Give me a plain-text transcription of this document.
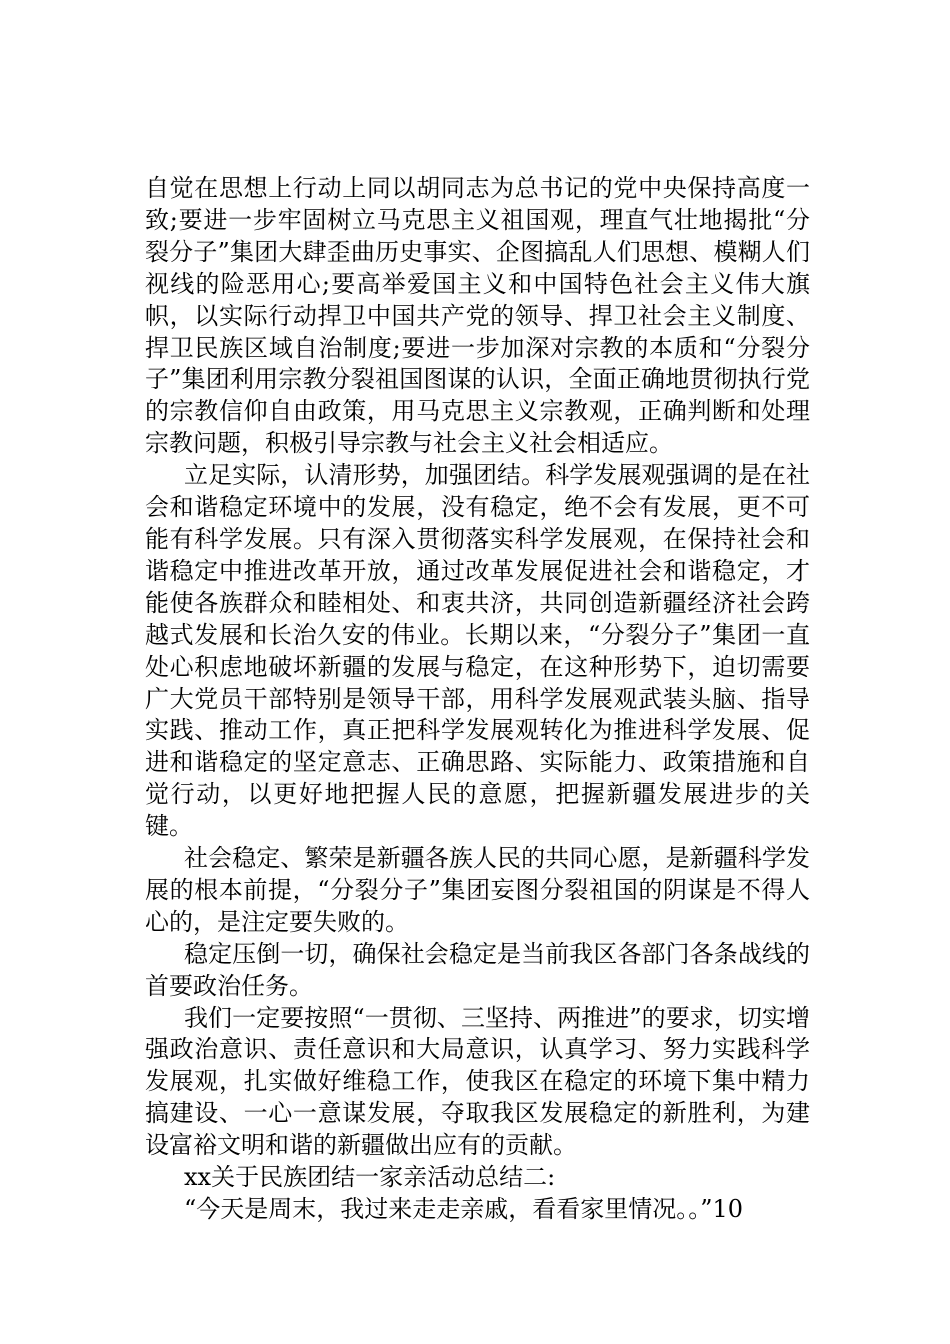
自觉在思想上行动上同以胡同志为总书记的党中央保持高度一致;要进一步牢固树立马克思主义祖国观，理直气壮地揭批“分裂分子”集团大肆歪曲历史事实、企图搞乱人们思想、模糊人们视线的险恶用心;要高举爱国主义和中国特色社会主义伟大旗帜，以实际行动捍卫中国共产党的领导、捍卫社会主义制度、捍卫民族区域自治制度;要进一步加深对宗教的本质和“分裂分子”集团利用宗教分裂祖国图谋的认识，全面正确地贯彻执行党的宗教信仰自由政策，用马克思主义宗教观，正确判断和处理宗教问题，积极引导宗教与社会主义社会相适应。

立足实际，认清形势，加强团结。科学发展观强调的是在社会和谐稳定环境中的发展，没有稳定，绝不会有发展，更不可能有科学发展。只有深入贯彻落实科学发展观，在保持社会和谐稳定中推进改革开放，通过改革发展促进社会和谐稳定，才能使各族群众和睦相处、和衷共济，共同创造新疆经济社会跨越式发展和长治久安的伟业。长期以来，“分裂分子”集团一直处心积虑地破坏新疆的发展与稳定，在这种形势下，迫切需要广大党员干部特别是领导干部，用科学发展观武装头脑、指导实践、推动工作，真正把科学发展观转化为推进科学发展、促进和谐稳定的坚定意志、正确思路、实际能力、政策措施和自觉行动，以更好地把握人民的意愿，把握新疆发展进步的关键。

社会稳定、繁荣是新疆各族人民的共同心愿，是新疆科学发展的根本前提，“分裂分子”集团妄图分裂祖国的阴谋是不得人心的，是注定要失败的。

稳定压倒一切，确保社会稳定是当前我区各部门各条战线的首要政治任务。

我们一定要按照“一贯彻、三坚持、两推进”的要求，切实增强政治意识、责任意识和大局意识，认真学习、努力实践科学发展观，扎实做好维稳工作，使我区在稳定的环境下集中精力搞建设、一心一意谋发展，夺取我区发展稳定的新胜利，为建设富裕文明和谐的新疆做出应有的贡献。

xx关于民族团结一家亲活动总结二:

“今天是周末，我过来走走亲戚，看看家里情况。。”10
